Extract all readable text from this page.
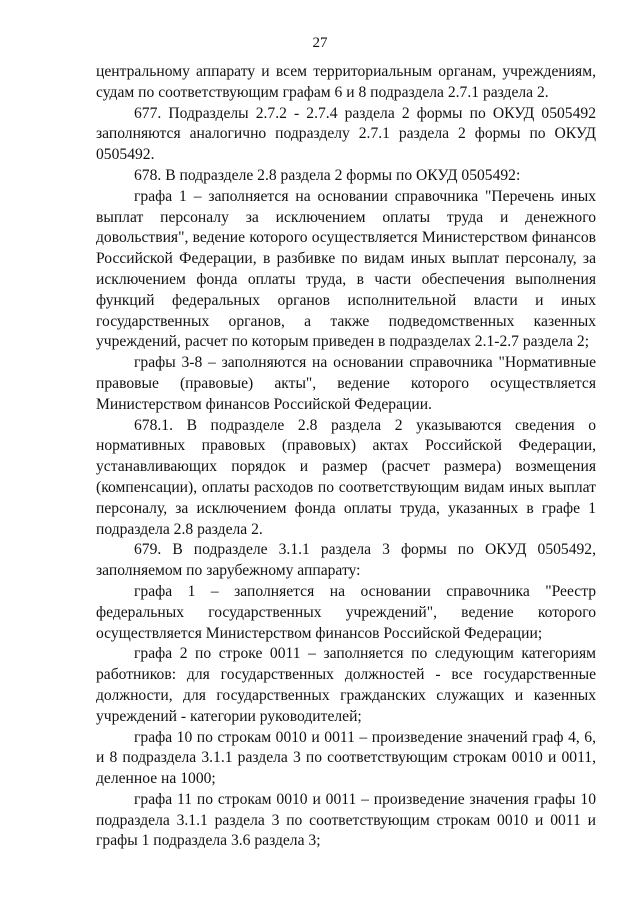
27

центральному аппарату и всем территориальным органам, учреждениям, судам по соответствующим графам 6 и 8 подраздела 2.7.1 раздела 2.

677. Подразделы 2.7.2 - 2.7.4 раздела 2 формы по ОКУД 0505492 заполняются аналогично подразделу 2.7.1 раздела 2 формы по ОКУД 0505492.

678. В подразделе 2.8 раздела 2 формы по ОКУД 0505492:

графа 1 – заполняется на основании справочника "Перечень иных выплат персоналу за исключением оплаты труда и денежного довольствия", ведение которого осуществляется Министерством финансов Российской Федерации, в разбивке по видам иных выплат персоналу, за исключением фонда оплаты труда, в части обеспечения выполнения функций федеральных органов исполнительной власти и иных государственных органов, а также подведомственных казенных учреждений, расчет по которым приведен в подразделах 2.1-2.7 раздела 2;

графы 3-8 – заполняются на основании справочника "Нормативные правовые (правовые) акты", ведение которого осуществляется Министерством финансов Российской Федерации.

678.1. В подразделе 2.8 раздела 2 указываются сведения о нормативных правовых (правовых) актах Российской Федерации, устанавливающих порядок и размер (расчет размера) возмещения (компенсации), оплаты расходов по соответствующим видам иных выплат персоналу, за исключением фонда оплаты труда, указанных в графе 1 подраздела 2.8 раздела 2.

679. В подразделе 3.1.1 раздела 3 формы по ОКУД 0505492, заполняемом по зарубежному аппарату:

графа 1 – заполняется на основании справочника "Реестр федеральных государственных учреждений", ведение которого осуществляется Министерством финансов Российской Федерации;

графа 2 по строке 0011 – заполняется по следующим категориям работников: для государственных должностей - все государственные должности, для государственных гражданских служащих и казенных учреждений - категории руководителей;

графа 10 по строкам 0010 и 0011 – произведение значений граф 4, 6, и 8 подраздела 3.1.1 раздела 3 по соответствующим строкам 0010 и 0011, деленное на 1000;

графа 11 по строкам 0010 и 0011 – произведение значения графы 10 подраздела 3.1.1 раздела 3 по соответствующим строкам 0010 и 0011 и графы 1 подраздела 3.6 раздела 3;
